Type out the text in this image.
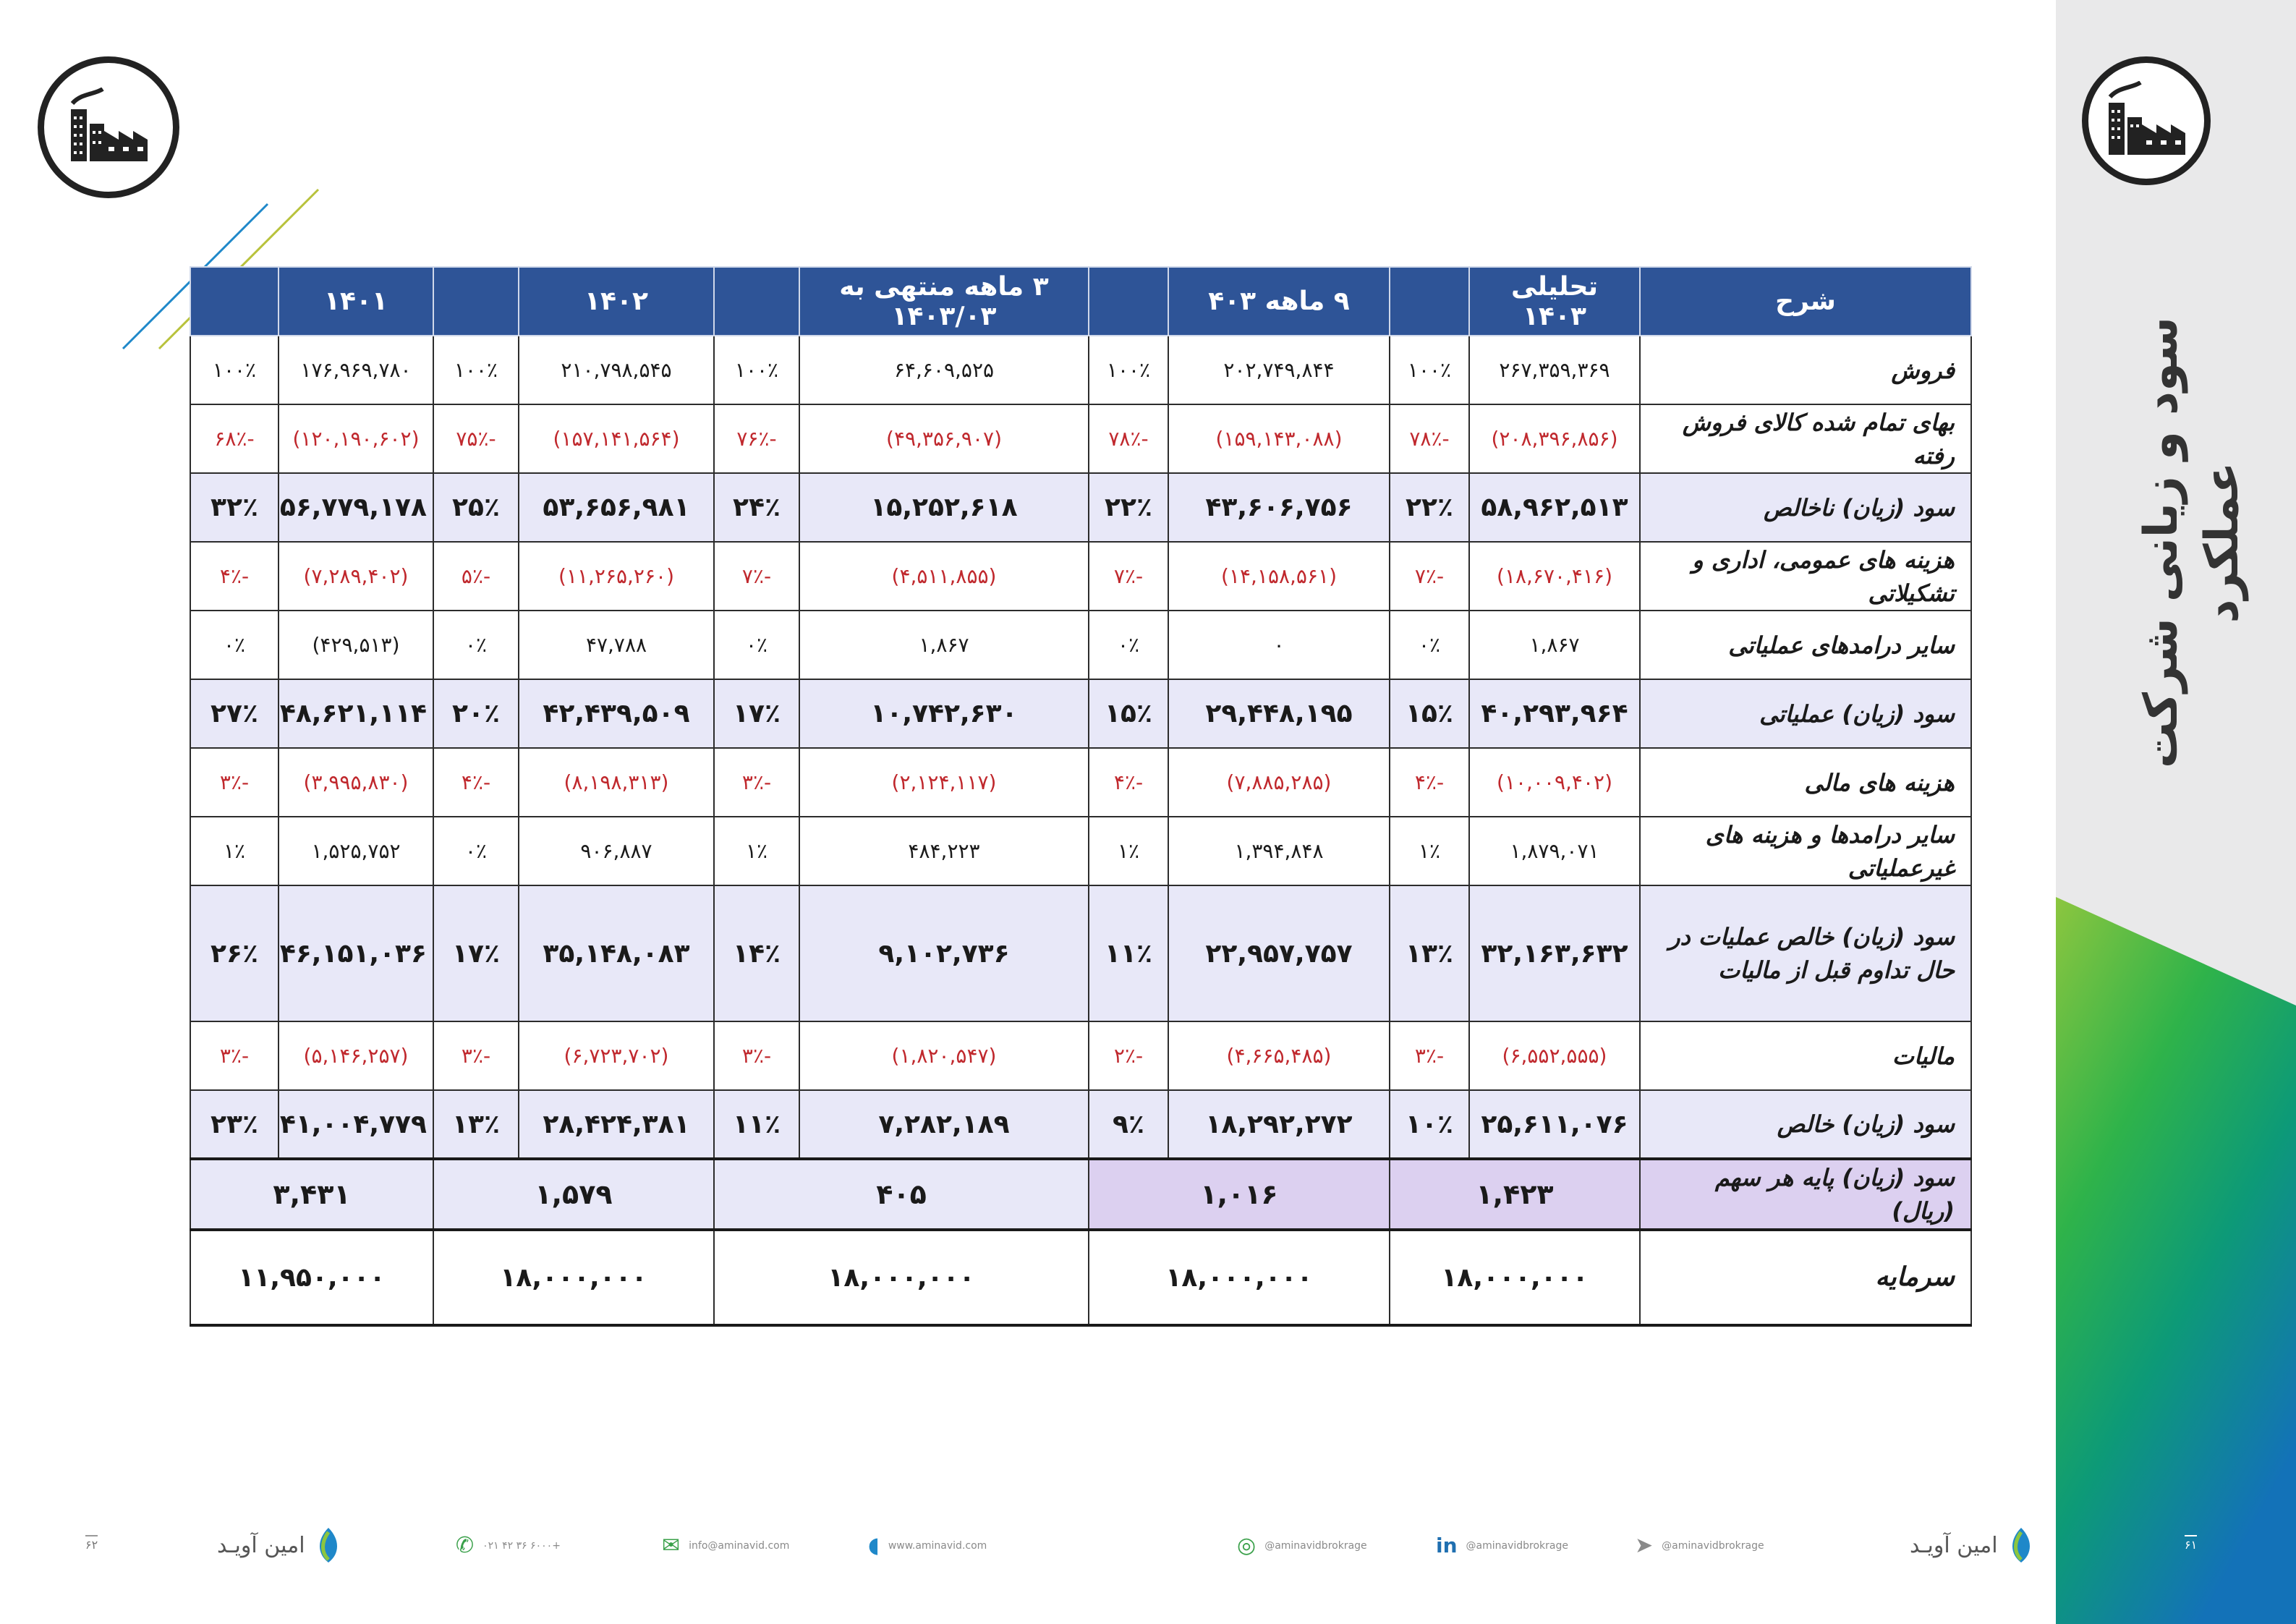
سود و زیانی شرکت عملکرد
شرح	تحلیلی ۱۴۰۳		۹ ماهه ۴۰۳		۳ ماهه منتهی به ۱۴۰۳/۰۳		۱۴۰۲		۱۴۰۱	
فروش	۲۶۷,۳۵۹,۳۶۹	۱۰۰٪	۲۰۲,۷۴۹,۸۴۴	۱۰۰٪	۶۴,۶۰۹,۵۲۵	۱۰۰٪	۲۱۰,۷۹۸,۵۴۵	۱۰۰٪	۱۷۶,۹۶۹,۷۸۰	۱۰۰٪
بهای تمام شده کالای فروش رفته	(۲۰۸,۳۹۶,۸۵۶)	-۷۸٪	(۱۵۹,۱۴۳,۰۸۸)	-۷۸٪	(۴۹,۳۵۶,۹۰۷)	-۷۶٪	(۱۵۷,۱۴۱,۵۶۴)	-۷۵٪	(۱۲۰,۱۹۰,۶۰۲)	-۶۸٪
سود (زیان) ناخالص	۵۸,۹۶۲,۵۱۳	۲۲٪	۴۳,۶۰۶,۷۵۶	۲۲٪	۱۵,۲۵۲,۶۱۸	۲۴٪	۵۳,۶۵۶,۹۸۱	۲۵٪	۵۶,۷۷۹,۱۷۸	۳۲٪
هزینه های عمومی، اداری و تشکیلاتی	(۱۸,۶۷۰,۴۱۶)	-۷٪	(۱۴,۱۵۸,۵۶۱)	-۷٪	(۴,۵۱۱,۸۵۵)	-۷٪	(۱۱,۲۶۵,۲۶۰)	-۵٪	(۷,۲۸۹,۴۰۲)	-۴٪
سایر درامدهای عملیاتی	۱,۸۶۷	۰٪	۰	۰٪	۱,۸۶۷	۰٪	۴۷,۷۸۸	۰٪	(۴۲۹,۵۱۳)	۰٪
سود (زیان) عملیاتی	۴۰,۲۹۳,۹۶۴	۱۵٪	۲۹,۴۴۸,۱۹۵	۱۵٪	۱۰,۷۴۲,۶۳۰	۱۷٪	۴۲,۴۳۹,۵۰۹	۲۰٪	۴۸,۶۲۱,۱۱۴	۲۷٪
هزینه های مالی	(۱۰,۰۰۹,۴۰۲)	-۴٪	(۷,۸۸۵,۲۸۵)	-۴٪	(۲,۱۲۴,۱۱۷)	-۳٪	(۸,۱۹۸,۳۱۳)	-۴٪	(۳,۹۹۵,۸۳۰)	-۳٪
سایر درامدها و هزینه های غیرعملیاتی	۱,۸۷۹,۰۷۱	۱٪	۱,۳۹۴,۸۴۸	۱٪	۴۸۴,۲۲۳	۱٪	۹۰۶,۸۸۷	۰٪	۱,۵۲۵,۷۵۲	۱٪
سود (زیان) خالص عملیات در حال تداوم قبل از مالیات	۳۲,۱۶۳,۶۳۲	۱۳٪	۲۲,۹۵۷,۷۵۷	۱۱٪	۹,۱۰۲,۷۳۶	۱۴٪	۳۵,۱۴۸,۰۸۳	۱۷٪	۴۶,۱۵۱,۰۳۶	۲۶٪
مالیات	(۶,۵۵۲,۵۵۵)	-۳٪	(۴,۶۶۵,۴۸۵)	-۲٪	(۱,۸۲۰,۵۴۷)	-۳٪	(۶,۷۲۳,۷۰۲)	-۳٪	(۵,۱۴۶,۲۵۷)	-۳٪
سود (زیان) خالص	۲۵,۶۱۱,۰۷۶	۱۰٪	۱۸,۲۹۲,۲۷۲	۹٪	۷,۲۸۲,۱۸۹	۱۱٪	۲۸,۴۲۴,۳۸۱	۱۳٪	۴۱,۰۰۴,۷۷۹	۲۳٪
سود (زیان) پایه هر سهم (ریال)	۱,۴۲۳		۱,۰۱۶		۴۰۵		۱,۵۷۹		۳,۴۳۱	
سرمایه	۱۸,۰۰۰,۰۰۰		۱۸,۰۰۰,۰۰۰		۱۸,۰۰۰,۰۰۰		۱۸,۰۰۰,۰۰۰		۱۱,۹۵۰,۰۰۰	
۶۲	امین آویـد	✆ ۰۲۱ ۴۲ ۳۶ ۶۰۰۰+	✉ info@aminavid.com	◖ www.aminavid.com	◎ @aminavidbrokrage	in @aminavidbrokrage	➤ @aminavidbrokrage	امین آویـد	۶۱
